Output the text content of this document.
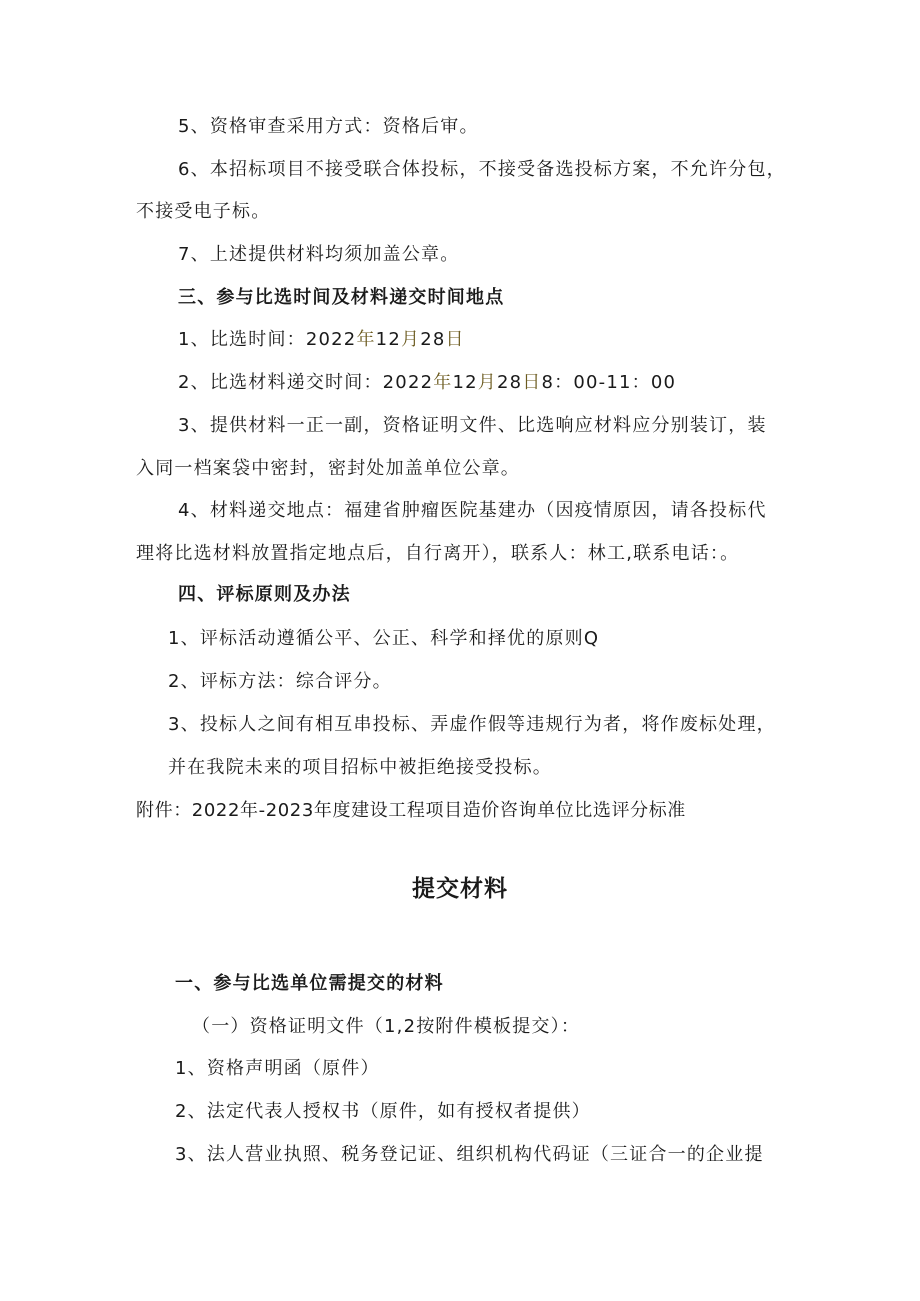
5、资格审查采用方式：资格后审。
6、本招标项目不接受联合体投标，不接受备选投标方案，不允许分包，
不接受电子标。
7、上述提供材料均须加盖公章。
三、参与比选时间及材料递交时间地点
1、比选时间：2022年12月28日
2、比选材料递交时间：2022年12月28日8：00-11：00
3、提供材料一正一副，资格证明文件、比选响应材料应分别装订，装
入同一档案袋中密封，密封处加盖单位公章。
4、材料递交地点：福建省肿瘤医院基建办（因疫情原因，请各投标代
理将比选材料放置指定地点后，自行离开），联系人：林工,联系电话：。
四、评标原则及办法
1、评标活动遵循公平、公正、科学和择优的原则Q
2、评标方法：综合评分。
3、投标人之间有相互串投标、弄虚作假等违规行为者，将作废标处理，
并在我院未来的项目招标中被拒绝接受投标。
附件：2022年-2023年度建设工程项目造价咨询单位比选评分标准
提交材料
一、参与比选单位需提交的材料
（一）资格证明文件（1,2按附件模板提交）：
1、资格声明函（原件）
2、法定代表人授权书（原件，如有授权者提供）
3、法人营业执照、税务登记证、组织机构代码证（三证合一的企业提
